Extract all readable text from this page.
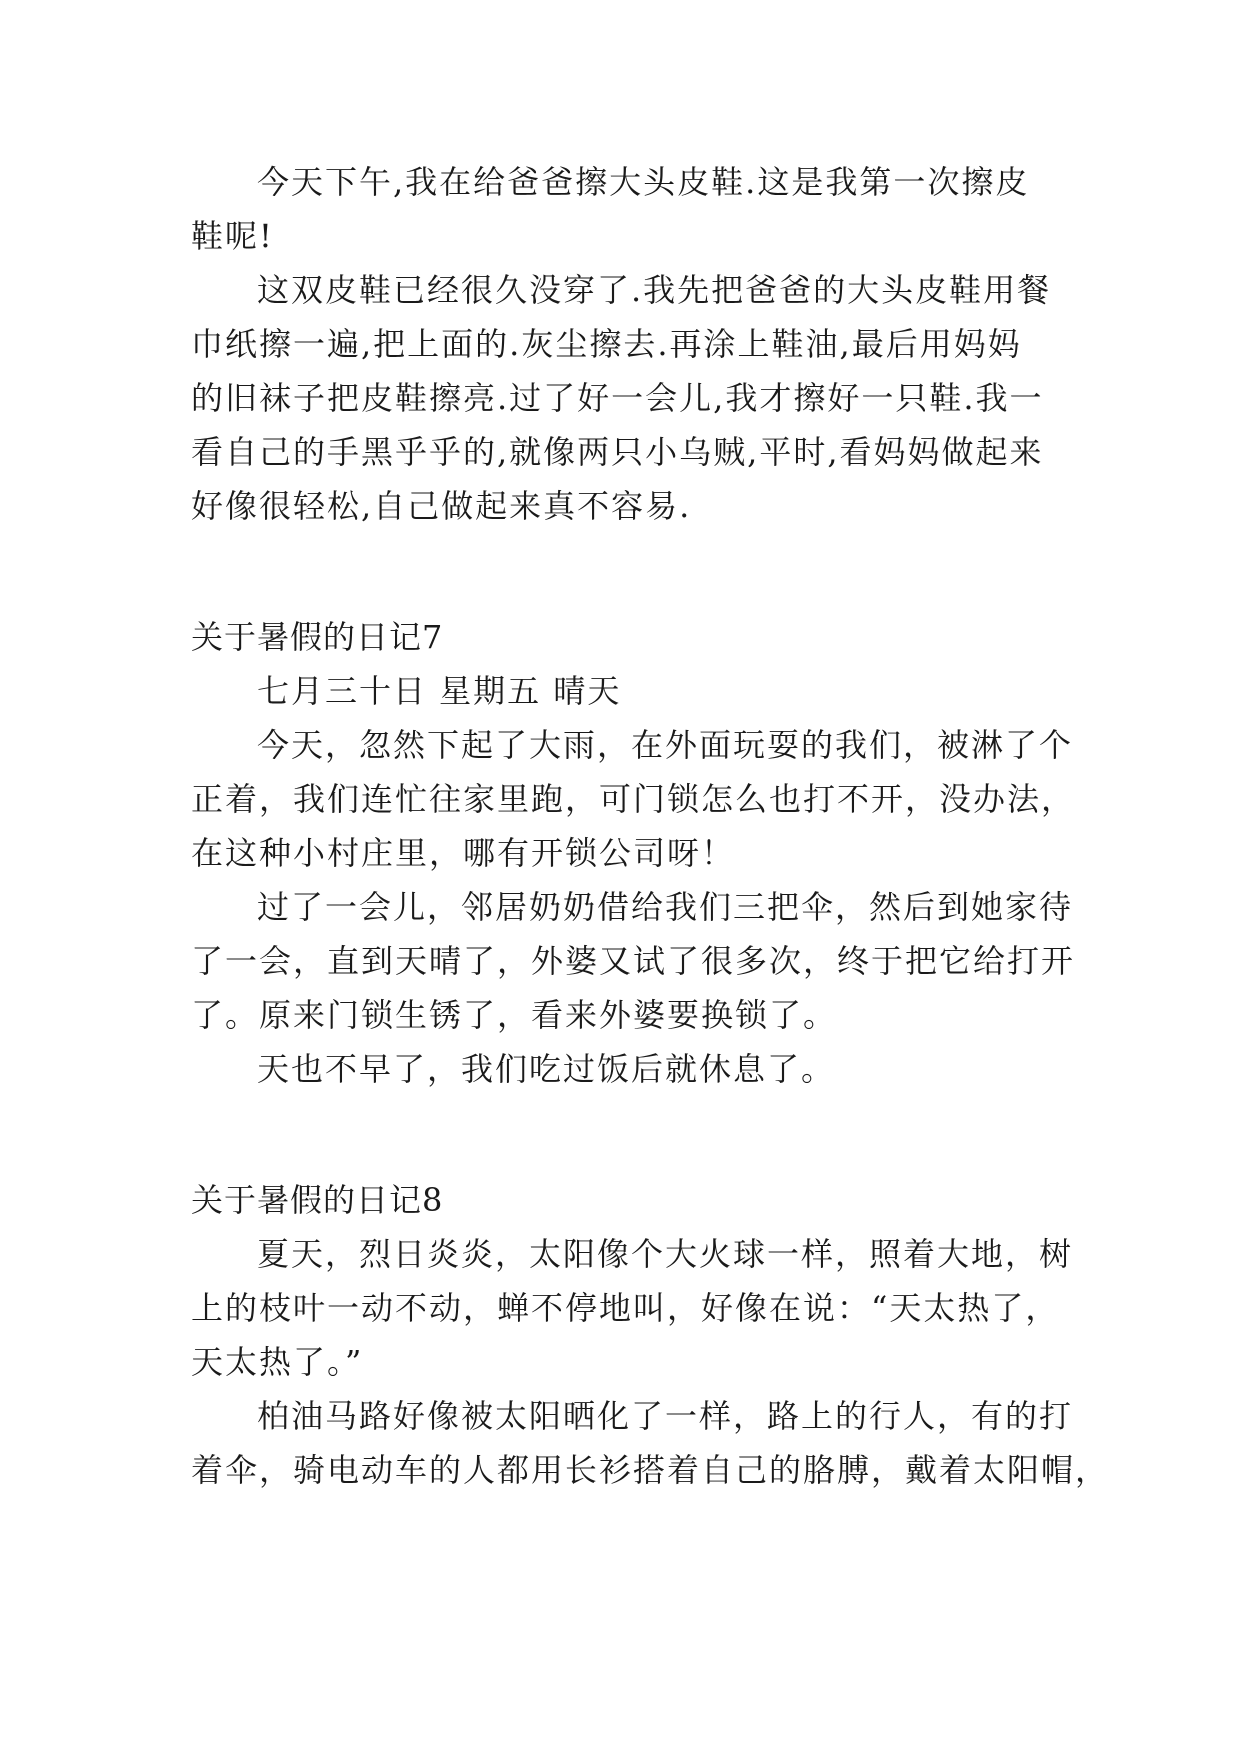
今天下午,我在给爸爸擦大头皮鞋.这是我第一次擦皮
鞋呢!
这双皮鞋已经很久没穿了.我先把爸爸的大头皮鞋用餐
巾纸擦一遍,把上面的.灰尘擦去.再涂上鞋油,最后用妈妈
的旧袜子把皮鞋擦亮.过了好一会儿,我才擦好一只鞋.我一
看自己的手黑乎乎的,就像两只小乌贼,平时,看妈妈做起来
好像很轻松,自己做起来真不容易.
关于暑假的日记7
七月三十日 星期五 晴天
今天，忽然下起了大雨，在外面玩耍的我们，被淋了个
正着，我们连忙往家里跑，可门锁怎么也打不开，没办法，
在这种小村庄里，哪有开锁公司呀！
过了一会儿，邻居奶奶借给我们三把伞，然后到她家待
了一会，直到天晴了，外婆又试了很多次，终于把它给打开
了。原来门锁生锈了，看来外婆要换锁了。
天也不早了，我们吃过饭后就休息了。
关于暑假的日记8
夏天，烈日炎炎，太阳像个大火球一样，照着大地，树
上的枝叶一动不动，蝉不停地叫，好像在说：“天太热了，
天太热了。”
柏油马路好像被太阳晒化了一样，路上的行人，有的打
着伞，骑电动车的人都用长衫搭着自己的胳膊，戴着太阳帽，
